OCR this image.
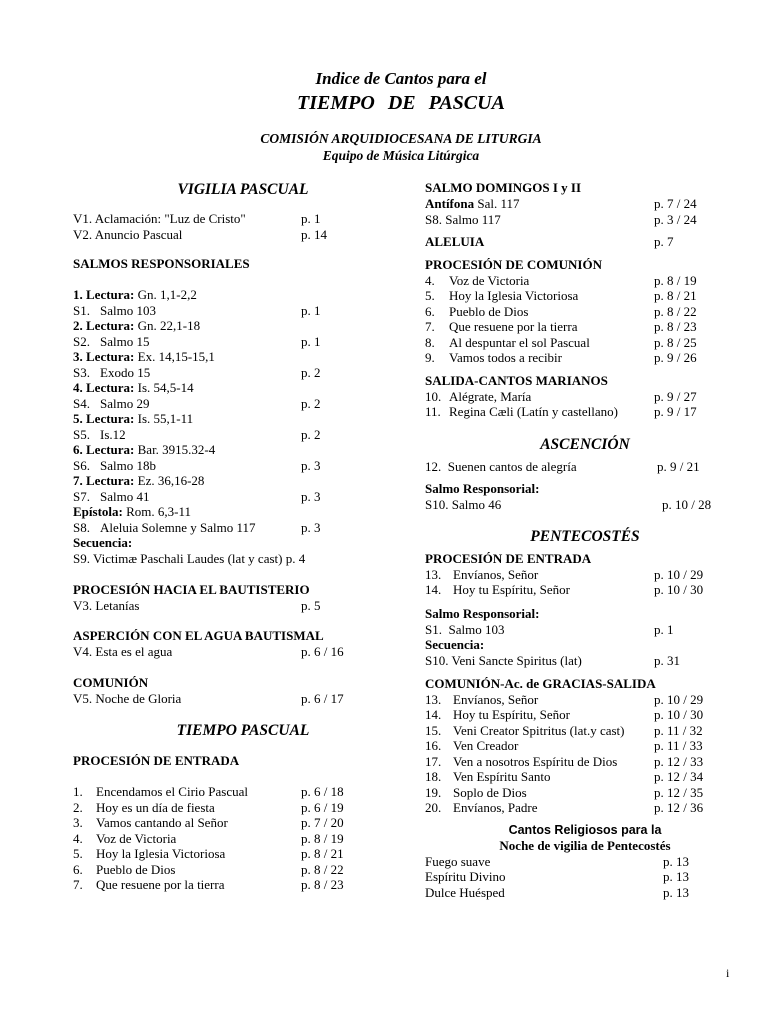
Indice de Cantos para el
TIEMPO DE PASCUA
COMISIÓN ARQUIDIOCESANA DE LITURGIA
Equipo de Música Litúrgica
VIGILIA PASCUAL
V1. Aclamación: "Luz de Cristo"	p. 1
V2. Anuncio Pascual	p. 14
SALMOS RESPONSORIALES
1. Lectura: Gn. 1,1-2,2
S1. Salmo 103	p. 1
2. Lectura: Gn. 22,1-18
S2. Salmo 15	p. 1
3. Lectura: Ex. 14,15-15,1
S3. Exodo 15	p. 2
4. Lectura: Is. 54,5-14
S4. Salmo 29	p. 2
5. Lectura: Is. 55,1-11
S5. Is.12	p. 2
6. Lectura: Bar. 3915.32-4
S6. Salmo 18b	p. 3
7. Lectura: Ez. 36,16-28
S7. Salmo 41	p. 3
Epístola: Rom. 6,3-11
S8. Aleluia Solemne y Salmo 117	p. 3
Secuencia:
S9. Victimæ Paschali Laudes (lat y cast) p. 4
PROCESIÓN HACIA EL BAUTISTERIO
V3. Letanías	p. 5
ASPERCIÓN CON EL AGUA BAUTISMAL
V4. Esta es el agua	p. 6 / 16
COMUNIÓN
V5. Noche de Gloria	p. 6 / 17
TIEMPO PASCUAL
PROCESIÓN DE ENTRADA
1. Encendamos el Cirio Pascual	p. 6 / 18
2. Hoy es un día de fiesta	p. 6 / 19
3. Vamos cantando al Señor	p. 7 / 20
4. Voz de Victoria	p. 8 / 19
5. Hoy la Iglesia Victoriosa	p. 8 / 21
6. Pueblo de Dios	p. 8 / 22
7. Que resuene por la tierra	p. 8 / 23
SALMO DOMINGOS I y II
Antífona Sal. 117	p. 7 / 24
S8. Salmo 117	p. 3 / 24
ALELUIA	p. 7
PROCESIÓN DE COMUNIÓN
4. Voz de Victoria	p. 8 / 19
5. Hoy la Iglesia Victoriosa	p. 8 / 21
6. Pueblo de Dios	p. 8 / 22
7. Que resuene por la tierra	p. 8 / 23
8. Al despuntar el sol Pascual	p. 8 / 25
9. Vamos todos a recibir	p. 9 / 26
SALIDA-CANTOS MARIANOS
10. Alégrate, María	p. 9 / 27
11. Regina Cæli (Latín y castellano)	p. 9 / 17
ASCENCIÓN
12. Suenen cantos de alegría	p. 9 / 21
Salmo Responsorial:
S10. Salmo 46	p. 10 / 28
PENTECOSTÉS
PROCESIÓN DE ENTRADA
13. Envíanos, Señor	p. 10 / 29
14. Hoy tu Espíritu, Señor	p. 10 / 30
Salmo Responsorial:
S1. Salmo 103	p. 1
Secuencia:
S10. Veni Sancte Spiritus (lat)	p. 31
COMUNIÓN-Ac. de GRACIAS-SALIDA
13. Envíanos, Señor	p. 10 / 29
14. Hoy tu Espíritu, Señor	p. 10 / 30
15. Veni Creator Spitritus (lat.y cast) p. 11 / 32
16. Ven Creador	p. 11 / 33
17. Ven a nosotros Espíritu de Dios	p. 12 / 33
18. Ven Espíritu Santo	p. 12 / 34
19. Soplo de Dios	p. 12 / 35
20. Envíanos, Padre	p. 12 / 36
Cantos Religiosos para la
Noche de vigilia de Pentecostés
Fuego suave	p. 13
Espíritu Divino	p. 13
Dulce Huésped	p. 13
i
